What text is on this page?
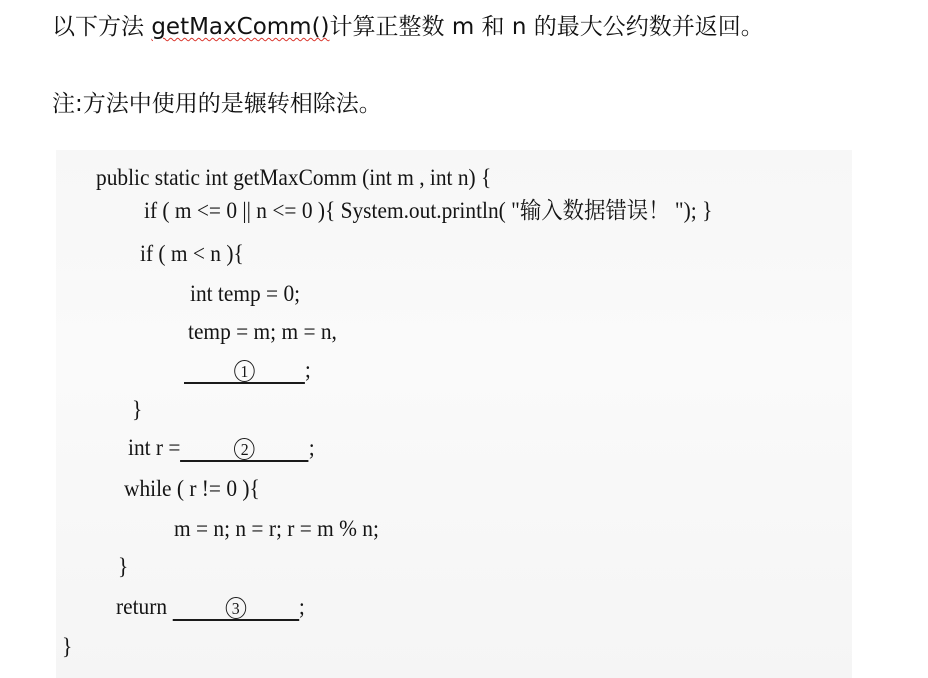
以下方法 getMaxComm()计算正整数 m 和 n 的最大公约数并返回。
注:方法中使用的是辗转相除法。
public static int getMaxComm (int m , int n) {
if ( m <= 0 || n <= 0 ){ System.out.println( "输入数据错误！ "); }
if ( m < n ){
int temp = 0;
temp = m; m = n,
1 ;
}
int r =	2	;
while ( r != 0 ){
m = n; n = r; r = m % n;
}
return	3	;
}
